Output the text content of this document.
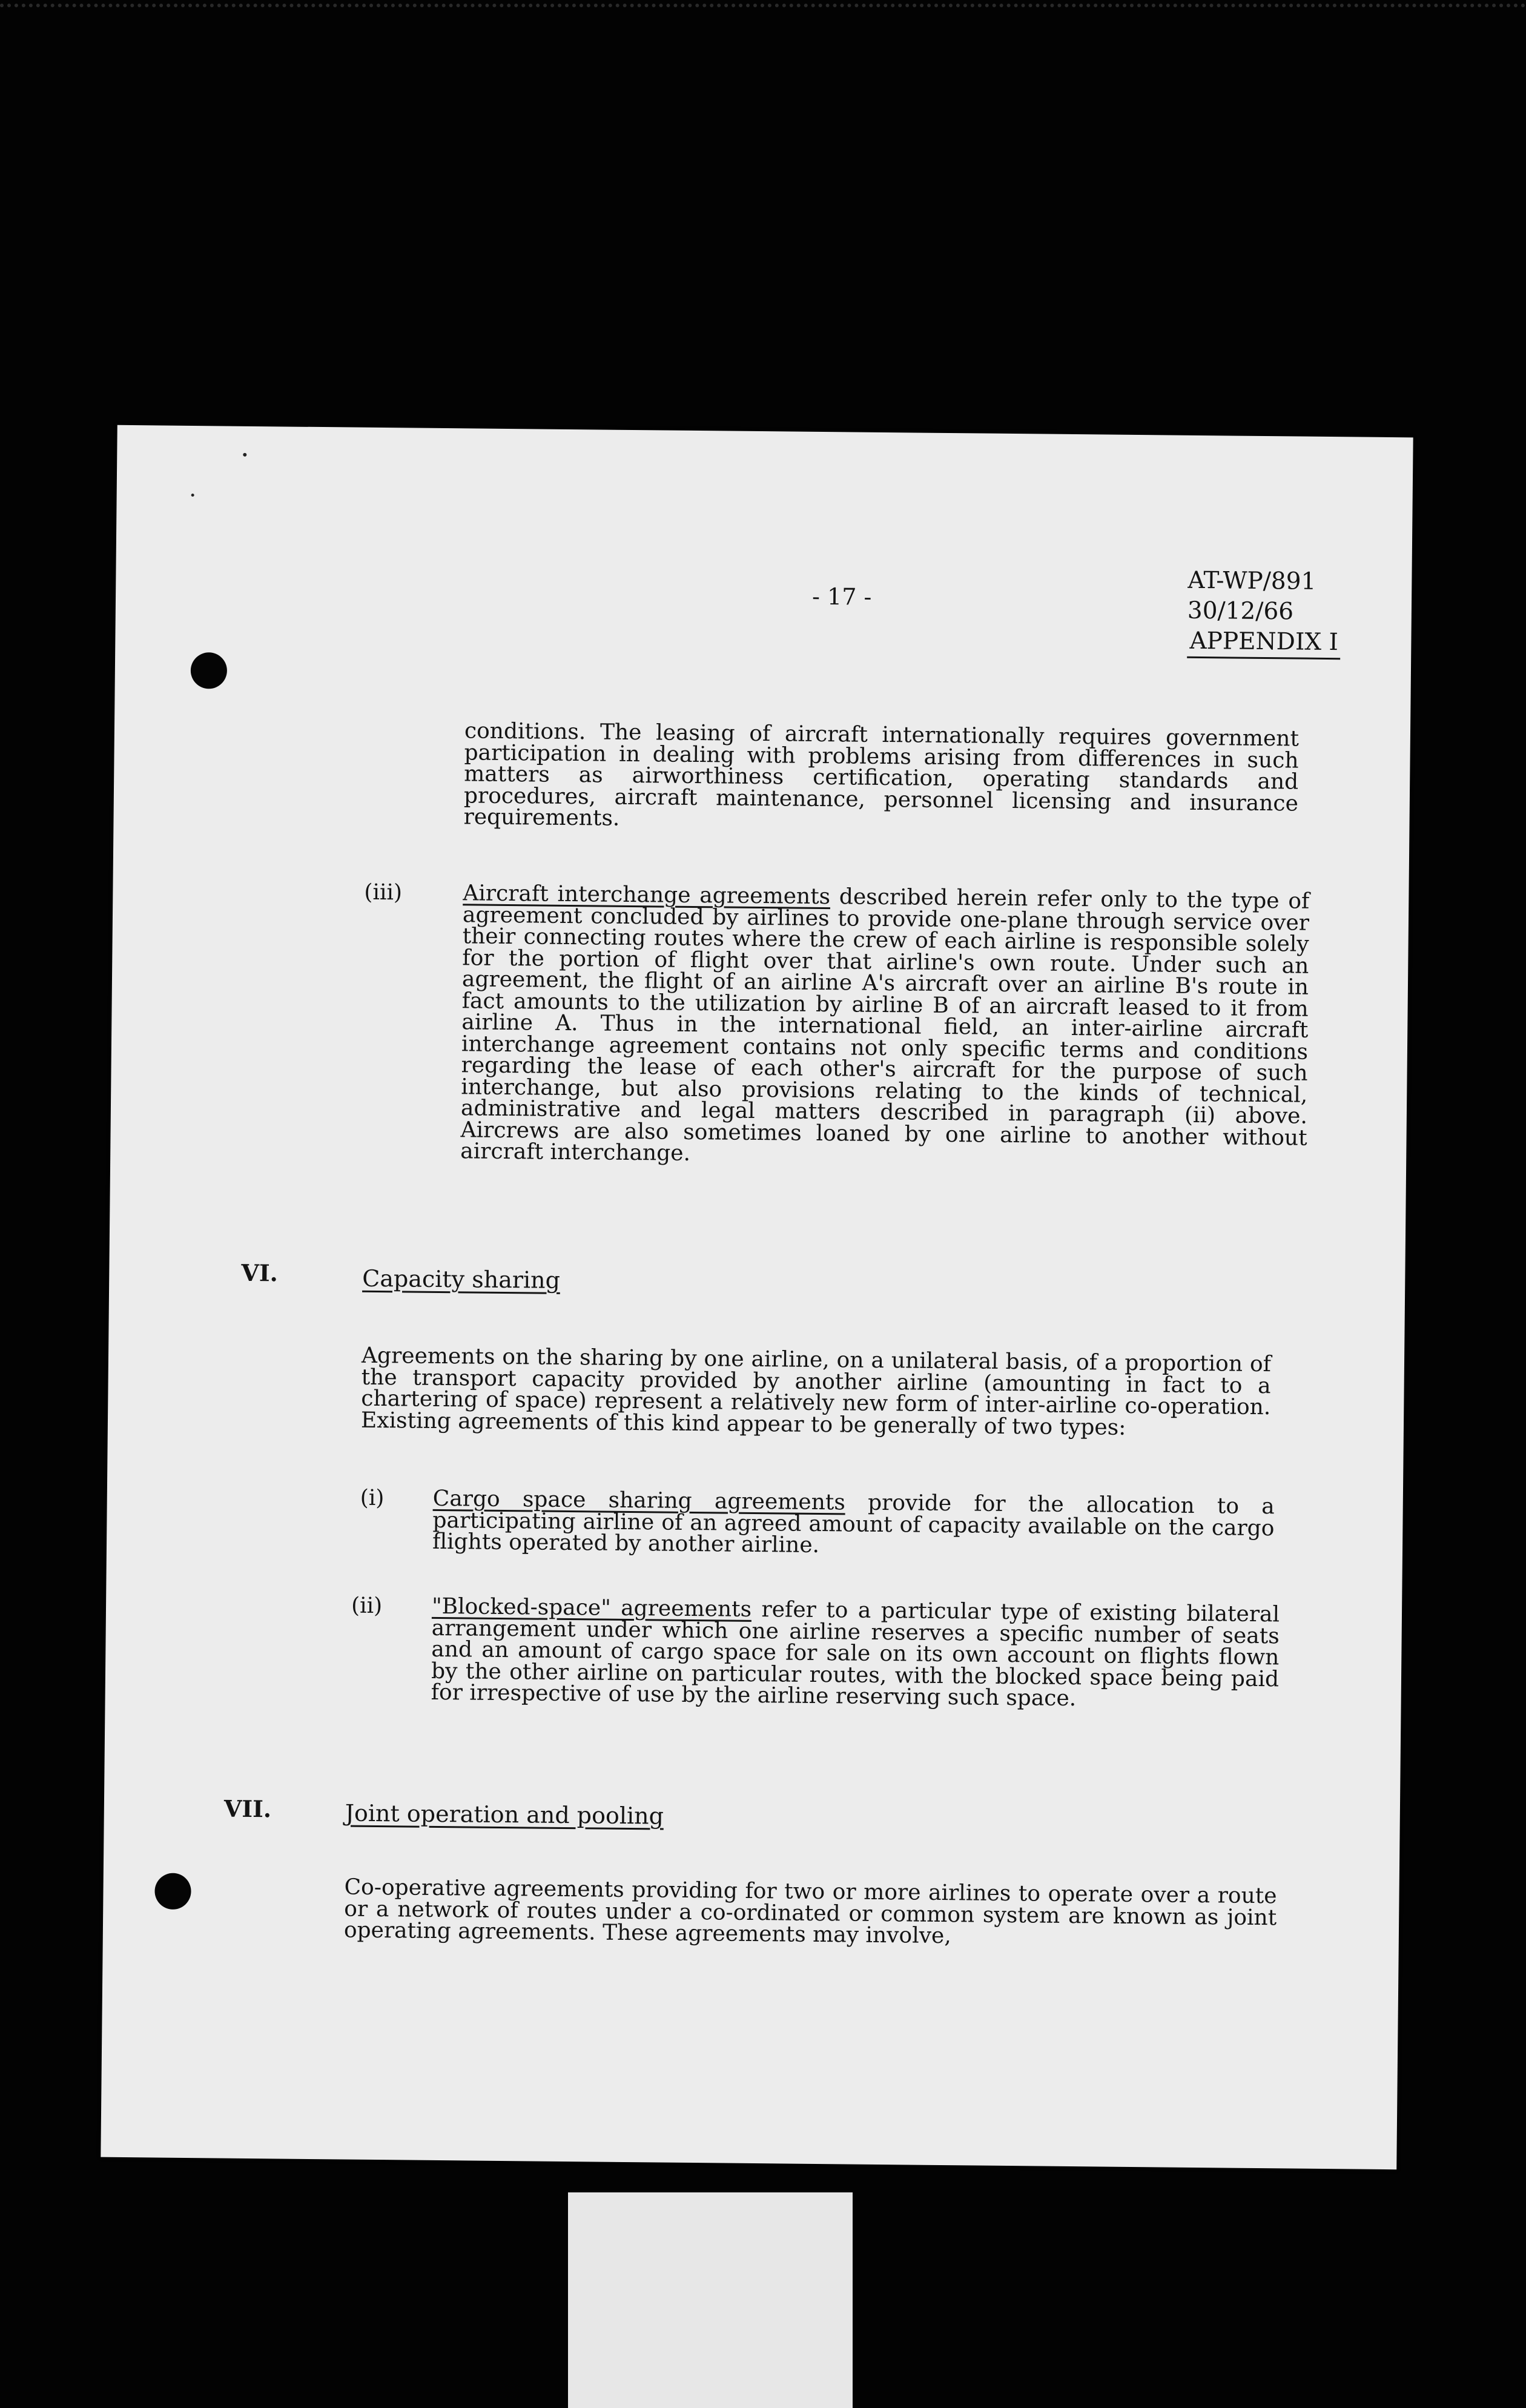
- 17 -
AT-WP/891
30/12/66
APPENDIX I

conditions. The leasing of aircraft internationally requires government participation in dealing with problems arising from differences in such matters as airworthiness certification, operating standards and procedures, aircraft maintenance, personnel licensing and insurance requirements.

(iii)	Aircraft interchange agreements described herein refer only to the type of agreement concluded by airlines to provide one-plane through service over their connecting routes where the crew of each airline is responsible solely for the portion of flight over that airline's own route. Under such an agreement, the flight of an airline A's aircraft over an airline B's route in fact amounts to the utilization by airline B of an aircraft leased to it from airline A. Thus in the international field, an inter-airline aircraft interchange agreement contains not only specific terms and conditions regarding the lease of each other's aircraft for the purpose of such interchange, but also provisions relating to the kinds of technical, administrative and legal matters described in paragraph (ii) above. Aircrews are also sometimes loaned by one airline to another without aircraft interchange.

VI.	Capacity sharing

Agreements on the sharing by one airline, on a unilateral basis, of a proportion of the transport capacity provided by another airline (amounting in fact to a chartering of space) represent a relatively new form of inter-airline co-operation. Existing agreements of this kind appear to be generally of two types:

(i) Cargo space sharing agreements provide for the allocation to a participating airline of an agreed amount of capacity available on the cargo flights operated by another airline.

(ii) "Blocked-space" agreements refer to a particular type of existing bilateral arrangement under which one airline reserves a specific number of seats and an amount of cargo space for sale on its own account on flights flown by the other airline on particular routes, with the blocked space being paid for irrespective of use by the airline reserving such space.

VII.	Joint operation and pooling

Co-operative agreements providing for two or more airlines to operate over a route or a network of routes under a co-ordinated or common system are known as joint operating agreements. These agreements may involve,
